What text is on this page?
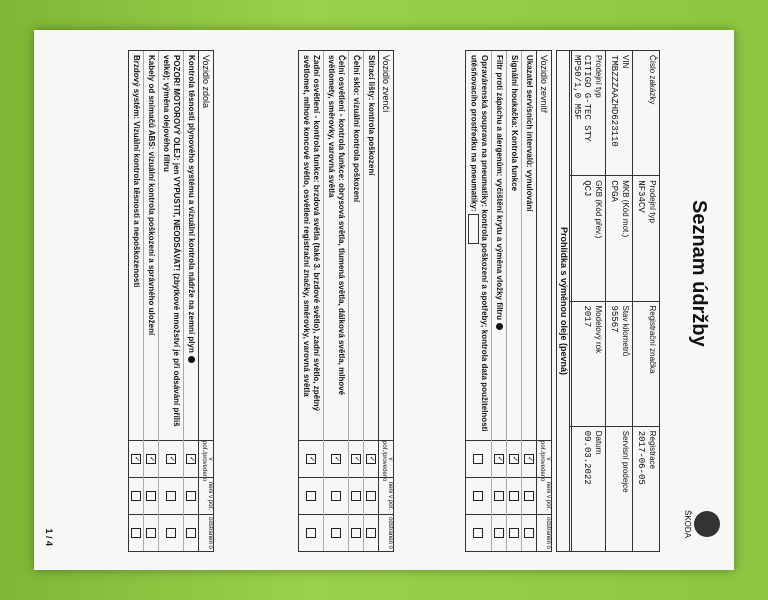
Seznam údržby
ŠKODA
Číslo zakázky
Prodejní typ
NF34CV
Registrační značka
Registrace
2017-06-05
VIN
TMBZZZAAZHD623110
MKB (Kód mot.)
CPGA
Stav kilometrů
95567
Servisní prodejce
Prodejní typ
CITIGO G-TEC STY MP50/1,0 M5F
GKB (Kód přev.)
QCJ
Modelový rok
2017
Datum
09.03.2022
Prohlídka s výměnou oleje (pevná)
Vozidlo zevnitř
v poř./provedeno
není v poř.
odstraněn o
Ukazatel servisních intervalů: vynulování
✓
Signální houkačka: Kontrola funkce
✓
Filtr proti zápachu a alergenům: vyčištění krytu a výměna vložky filtru
✓
Opravárenská souprava na pneumatiky: kontrola poškození a spotřeby; kontrola data použitelnosti utěsňovacího prostředku na pneumatiky:
Vozidlo zvenčí
v poř./provedeno
není v poř.
odstraněn o
Stírací lišty: kontrola poškození
✓
Čelní sklo: vizuální kontrola poškození
✓
Čelní osvětlení - kontrola funkce: obrysová světla, tlumená světla, dálková světla, mlhové světlomety, směrovky, varovná světla
✓
Zadní osvětlení - kontrola funkce: brzdová světla (také 3. brzdové světlo), zadní světlo, zpětný světlomet, mlhové koncové světlo, osvětlení registrační značky, směrovky, varovná světla
✓
Vozidlo zdola
v poř./provedeno
není v poř.
odstraněn o
Kontrola těsnosti plynového systému a vizuální kontrola nádrže na zemní plyn
✓
POZOR! MOTOROVÝ OLEJ: jen VYPUSTIT, NEODSÁVAT! (zbytkové množství je při odsávání příliš velké); výměna olejového filtru
✓
Kabely od snímačů ABS: vizuální kontrola poškození a správného uložení
✓
Brzdový systém: Vizuální kontrola těsnosti a nepoškozenosti
✓
1 / 4
